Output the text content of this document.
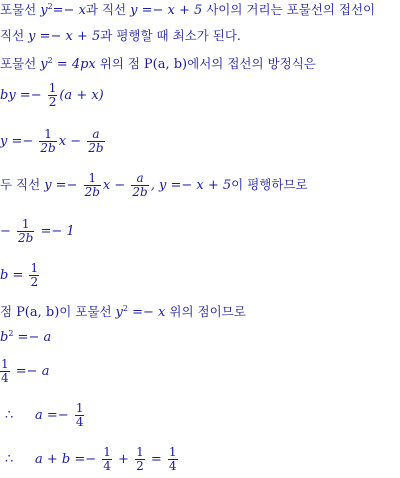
포물선 $y^2=- x$과 직선 y =− x + 5 사이의 거리는 포물선의 접선이
직선 y =− x + 5과 평행할 때 최소가 된다.
포물선 $y^2 = 4px$ 위의 점 P(a, b)에서의 접선의 방정식은
by =− $\frac{1}{2} (a + x)$
$y =- \frac{1}{2b}$ $x - \frac{a}{2b}$
두 직선 $y =- \frac{1}{2b}$ $x - \frac{a}{2b}$ , y =− x + 5이 평행하므로
− $\frac{1}{2b} =- 1$
$b = \frac{1}{2}$
점 P(a, b)이 포물선 $y^2 =- x$ 위의 점이므로
$b^2 =- a$
$\frac{1}{4} =- a$
∴ $a =- \frac{1}{4}$
∴ $a + b =- \frac{1}{4} + \frac{1}{2} = \frac{1}{4}$
